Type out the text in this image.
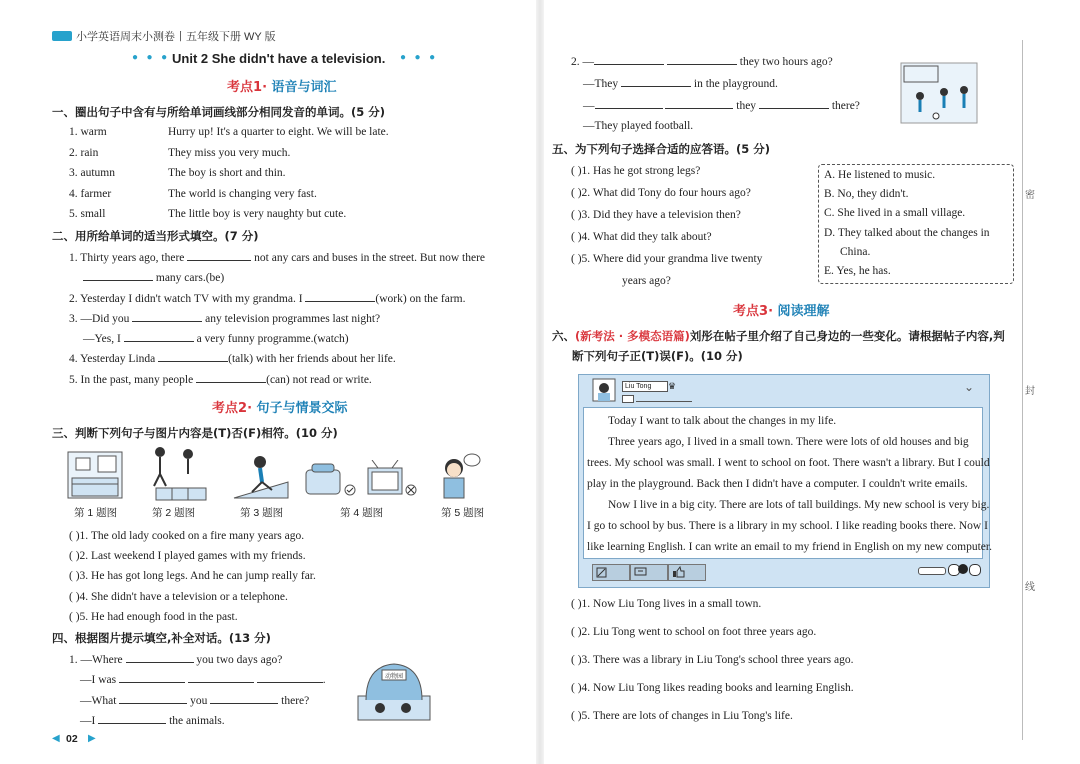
小学英语周末小测卷丨五年级下册 WY 版
● ● ● Unit 2 She didn't have a television. ● ● ●
考点1· 语音与词汇
一、圈出句子中含有与所给单词画线部分相同发音的单词。(5 分)
1. warm	Hurry up! It's a quarter to eight. We will be late.
2. rain	They miss you very much.
3. autumn	The boy is short and thin.
4. farmer	The world is changing very fast.
5. small	The little boy is very naughty but cute.
二、用所给单词的适当形式填空。(7 分)
1. Thirty years ago, there	not any cars and buses in the street. But now there
many cars.(be)
2. Yesterday I didn't watch TV with my grandma. I	(work) on the farm.
3. —Did you	any television programmes last night?
—Yes, I	a very funny programme.(watch)
4. Yesterday Linda	(talk) with her friends about her life.
5. In the past, many people	(can) not read or write.
考点2· 句子与情景交际
三、判断下列句子与图片内容是(T)否(F)相符。(10 分)
第 1 题图	第 2 题图	第 3 题图	第 4 题图	第 5 题图
( )1. The old lady cooked on a fire many years ago.
( )2. Last weekend I played games with my friends.
( )3. He has got long legs. And he can jump really far.
( )4. She didn't have a television or a telephone.
( )5. He had enough food in the past.
四、根据图片提示填空,补全对话。(13 分)
1. —Where	you two days ago?
—I was	.
—What	you	there?
—I	the animals.
动物园
◀ 02 ▶
2. —	they two hours ago?
—They	in the playground.
—	they	there?
—They played football.
五、为下列句子选择合适的应答语。(5 分)
( )1. Has he got strong legs?
( )2. What did Tony do four hours ago?
( )3. Did they have a television then?
( )4. What did they talk about?
( )5. Where did your grandma live twenty
years ago?
A. He listened to music.
B. No, they didn't.
C. She lived in a small village.
D. They talked about the changes in
China.
E. Yes, he has.
考点3· 阅读理解
六、(新考法 · 多模态语篇)刘彤在帖子里介绍了自己身边的一些变化。请根据帖子内容,判
断下列句子正(T)误(F)。(10 分)
Liu Tong	♛	⌄
Today I want to talk about the changes in my life.
Three years ago, I lived in a small town. There were lots of old houses and big
trees. My school was small. I went to school on foot. There wasn't a library. But I could
play in the playground. Back then I didn't have a computer. I couldn't write emails.
Now I live in a big city. There are lots of tall buildings. My new school is very big.
I go to school by bus. There is a library in my school. I like reading books there. Now I
like learning English. I can write an email to my friend in English on my new computer.
( )1. Now Liu Tong lives in a small town.
( )2. Liu Tong went to school on foot three years ago.
( )3. There was a library in Liu Tong's school three years ago.
( )4. Now Liu Tong likes reading books and learning English.
( )5. There are lots of changes in Liu Tong's life.
密
封
线
